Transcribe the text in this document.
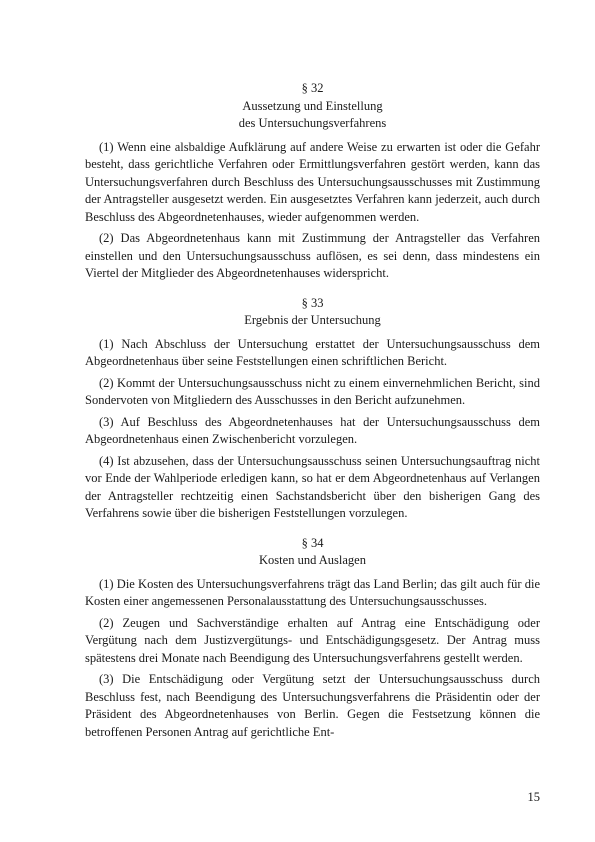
§ 32
Aussetzung und Einstellung
des Untersuchungsverfahrens

(1) Wenn eine alsbaldige Aufklärung auf andere Weise zu erwarten ist oder die Gefahr besteht, dass gerichtliche Verfahren oder Ermittlungsverfahren gestört werden, kann das Untersuchungsverfahren durch Beschluss des Untersuchungsausschusses mit Zustimmung der Antragsteller ausgesetzt werden. Ein ausgesetztes Verfahren kann jederzeit, auch durch Beschluss des Abgeordnetenhauses, wieder aufgenommen werden.

(2) Das Abgeordnetenhaus kann mit Zustimmung der Antragsteller das Verfahren einstellen und den Untersuchungsausschuss auflösen, es sei denn, dass mindestens ein Viertel der Mitglieder des Abgeordnetenhauses widerspricht.

§ 33
Ergebnis der Untersuchung

(1) Nach Abschluss der Untersuchung erstattet der Untersuchungsausschuss dem Abgeordnetenhaus über seine Feststellungen einen schriftlichen Bericht.

(2) Kommt der Untersuchungsausschuss nicht zu einem einvernehmlichen Bericht, sind Sondervoten von Mitgliedern des Ausschusses in den Bericht aufzunehmen.

(3) Auf Beschluss des Abgeordnetenhauses hat der Untersuchungsausschuss dem Abgeordnetenhaus einen Zwischenbericht vorzulegen.

(4) Ist abzusehen, dass der Untersuchungsausschuss seinen Untersuchungsauftrag nicht vor Ende der Wahlperiode erledigen kann, so hat er dem Abgeordnetenhaus auf Verlangen der Antragsteller rechtzeitig einen Sachstandsbericht über den bisherigen Gang des Verfahrens sowie über die bisherigen Feststellungen vorzulegen.

§ 34
Kosten und Auslagen

(1) Die Kosten des Untersuchungsverfahrens trägt das Land Berlin; das gilt auch für die Kosten einer angemessenen Personalausstattung des Untersuchungsausschusses.

(2) Zeugen und Sachverständige erhalten auf Antrag eine Entschädigung oder Vergütung nach dem Justizvergütungs- und Entschädigungsgesetz. Der Antrag muss spätestens drei Monate nach Beendigung des Untersuchungsverfahrens gestellt werden.

(3) Die Entschädigung oder Vergütung setzt der Untersuchungsausschuss durch Beschluss fest, nach Beendigung des Untersuchungsverfahrens die Präsidentin oder der Präsident des Abgeordnetenhauses von Berlin. Gegen die Festsetzung können die betroffenen Personen Antrag auf gerichtliche Ent-

15
